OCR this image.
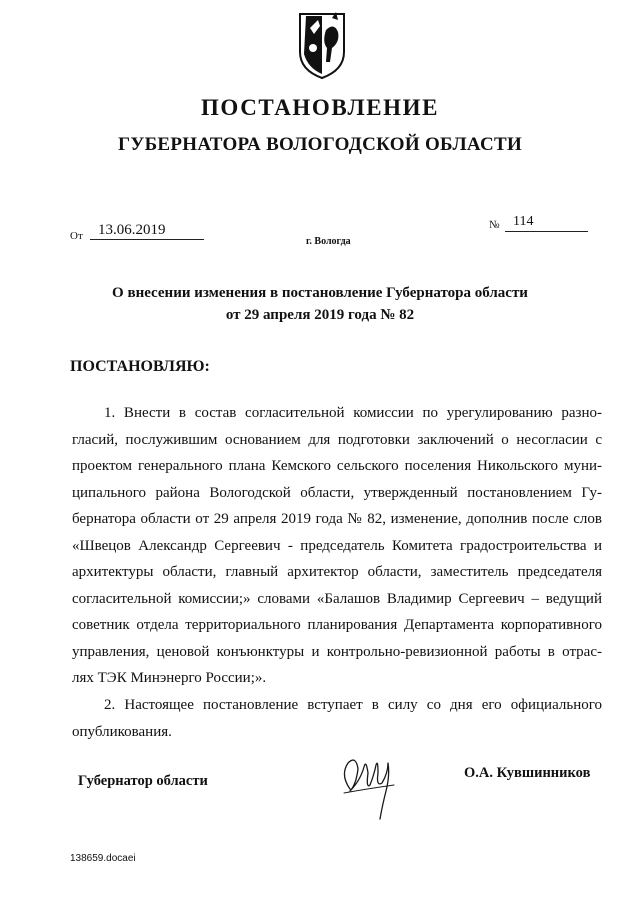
ПОСТАНОВЛЕНИЕ
ГУБЕРНАТОРА ВОЛОГОДСКОЙ ОБЛАСТИ
От	13.06.2019	№ 114
г. Вологда
О внесении изменения в постановление Губернатора области
от 29 апреля 2019 года № 82
ПОСТАНОВЛЯЮ:
1. Внести в состав согласительной комиссии по урегулированию разно-
гласий, послужившим основанием для подготовки заключений о несогласии с
проектом генерального плана Кемского сельского поселения Никольского муни-
ципального района Вологодской области, утвержденный постановлением Гу-
бернатора области от 29 апреля 2019 года № 82, изменение, дополнив после слов
«Швецов Александр Сергеевич - председатель Комитета градостроительства и
архитектуры области, главный архитектор области, заместитель председателя
согласительной комиссии;» словами «Балашов Владимир Сергеевич – ведущий
советник отдела территориального планирования Департамента корпоративного
управления, ценовой конъюнктуры и контрольно-ревизионной работы в отрас-
лях ТЭК Минэнерго России;».
2. Настоящее постановление вступает в силу со дня его официального
опубликования.
Губернатор области	О.А. Кувшинников
138659.docaei
